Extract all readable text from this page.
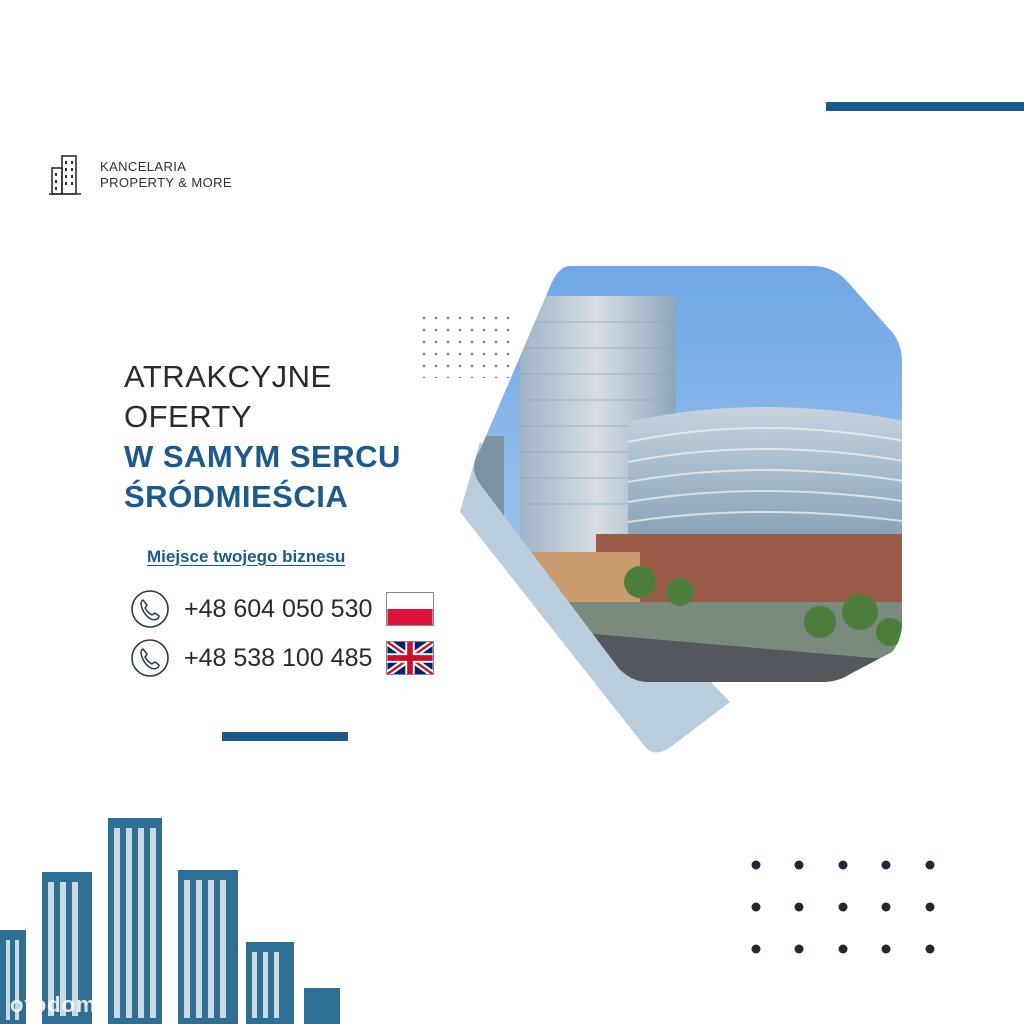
KANCELARIA
PROPERTY & MORE
ATRAKCYJNE
OFERTY
W SAMYM SERCU
ŚRÓDMIEŚCIA
Miejsce twojego biznesu
+48 604 050 530
+48 538 100 485
otodom
